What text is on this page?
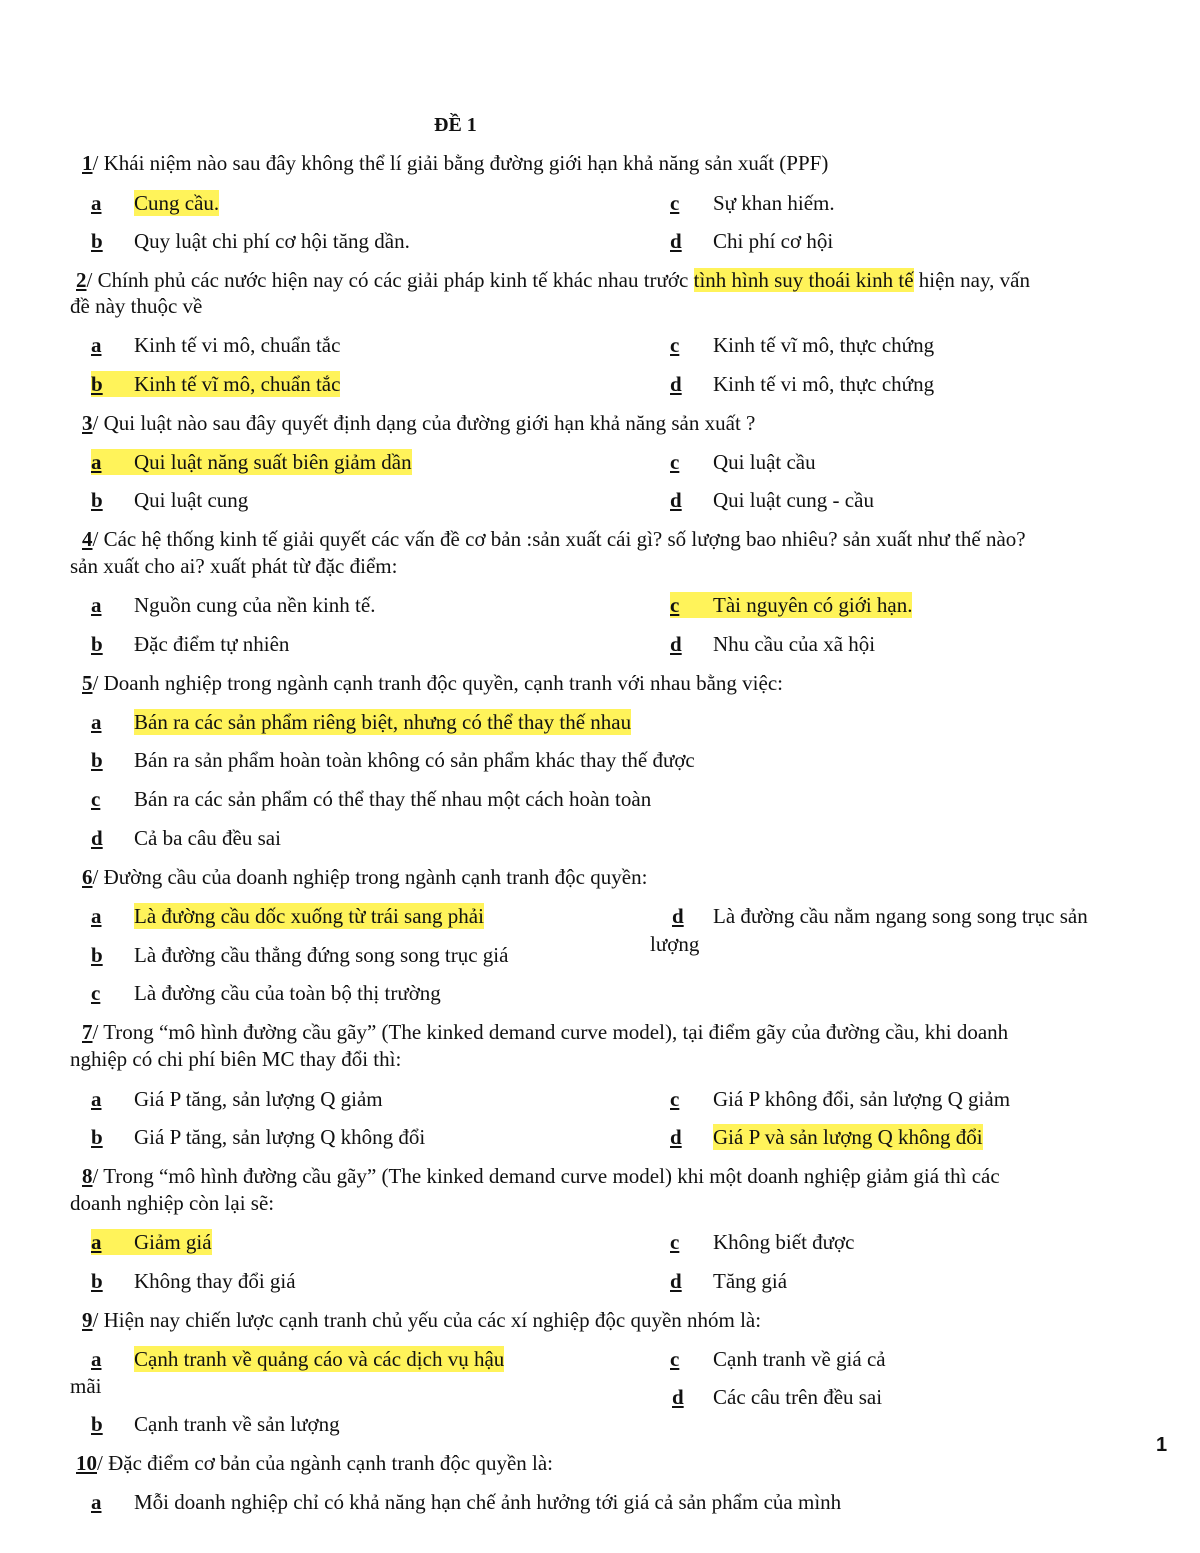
ĐỀ 1
1/ Khái niệm nào sau đây không thể lí giải bằng đường giới hạn khả năng sản xuất (PPF)
a	Cung cầu.	c	Sự khan hiếm.
b	Quy luật chi phí cơ hội tăng dần.	d	Chi phí cơ hội
2/ Chính phủ các nước hiện nay có các giải pháp kinh tế khác nhau trước tình hình suy thoái kinh tế hiện nay, vấn
đề này thuộc về
a	Kinh tế vi mô, chuẩn tắc	c	Kinh tế vĩ mô, thực chứng
b	Kinh tế vĩ mô, chuẩn tắc	d	Kinh tế vi mô, thực chứng
3/ Qui luật nào sau đây quyết định dạng của đường giới hạn khả năng sản xuất ?
a	Qui luật năng suất biên giảm dần	c	Qui luật cầu
b	Qui luật cung	d	Qui luật cung - cầu
4/ Các hệ thống kinh tế giải quyết các vấn đề cơ bản :sản xuất cái gì? số lượng bao nhiêu? sản xuất như thế nào?
sản xuất cho ai? xuất phát từ đặc điểm:
a	Nguồn cung của nền kinh tế.	c	Tài nguyên có giới hạn.
b	Đặc điểm tự nhiên	d	Nhu cầu của xã hội
5/ Doanh nghiệp trong ngành cạnh tranh độc quyền, cạnh tranh với nhau bằng việc:
a	Bán ra các sản phẩm riêng biệt, nhưng có thể thay thế nhau
b	Bán ra sản phẩm hoàn toàn không có sản phẩm khác thay thế được
c	Bán ra các sản phẩm có thể thay thế nhau một cách hoàn toàn
d	Cả ba câu đều sai
6/ Đường cầu của doanh nghiệp trong ngành cạnh tranh độc quyền:
a	Là đường cầu dốc xuống từ trái sang phải	d	Là đường cầu nằm ngang song song trục sản
lượng
b	Là đường cầu thẳng đứng song song trục giá
c	Là đường cầu của toàn bộ thị trường
7/ Trong “mô hình đường cầu gãy” (The kinked demand curve model), tại điểm gãy của đường cầu, khi doanh
nghiệp có chi phí biên MC thay đổi thì:
a	Giá P tăng, sản lượng Q giảm	c	Giá P không đổi, sản lượng Q giảm
b	Giá P tăng, sản lượng Q không đổi	d	Giá P và sản lượng Q không đổi
8/ Trong “mô hình đường cầu gãy” (The kinked demand curve model) khi một doanh nghiệp giảm giá thì các
doanh nghiệp còn lại sẽ:
a	Giảm giá	c	Không biết được
b	Không thay đổi giá	d	Tăng giá
9/ Hiện nay chiến lược cạnh tranh chủ yếu của các xí nghiệp độc quyền nhóm là:
a	Cạnh tranh về quảng cáo và các dịch vụ hậu
mãi
c	Cạnh tranh về giá cả
d	Các câu trên đều sai
b	Cạnh tranh về sản lượng
10/ Đặc điểm cơ bản của ngành cạnh tranh độc quyền là:
a	Mỗi doanh nghiệp chỉ có khả năng hạn chế ảnh hưởng tới giá cả sản phẩm của mình
1
